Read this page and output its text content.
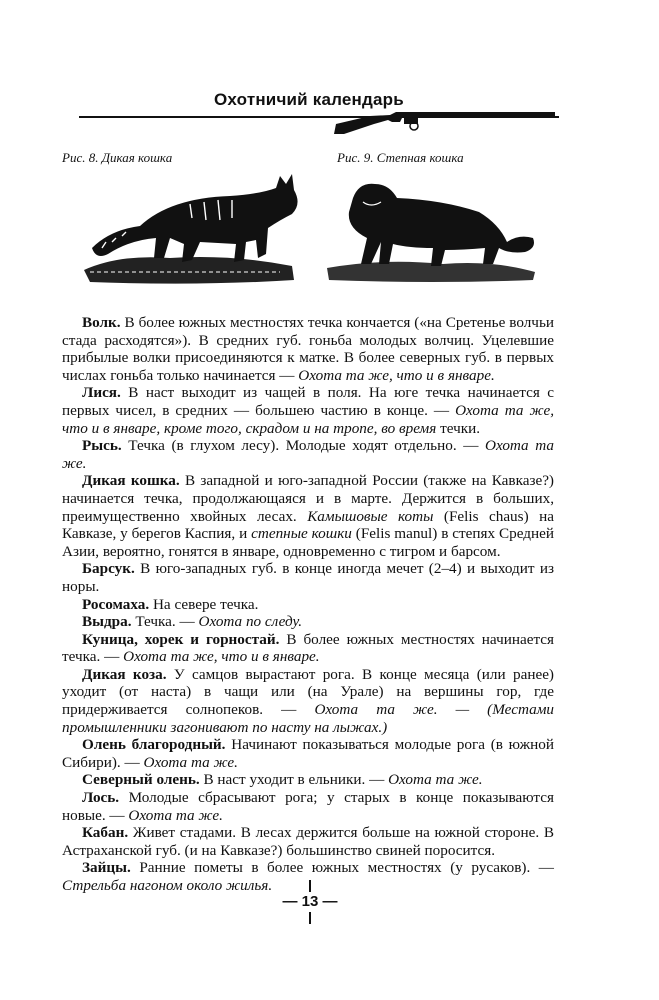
Охотничий календарь
Рис. 8. Дикая кошка	Рис. 9. Степная кошка

Волк. В более южных местностях течка кончается («на Сретенье волчьи стада расходятся»). В средних губ. гоньба молодых волчиц. Уцелевшие прибылые волки присоединяются к матке. В более северных губ. в первых числах гоньба только начинается — Охота та же, что и в январе.

Лися. В наст выходит из чащей в поля. На юге течка начинается с первых чисел, в средних — большею частию в конце. — Охота та же, что и в январе, кроме того, скрадом и на тропе, во время течки.

Рысь. Течка (в глухом лесу). Молодые ходят отдельно. — Охота та же.

Дикая кошка. В западной и юго-западной России (также на Кавказе?) начинается течка, продолжающаяся и в марте. Держится в больших, преимущественно хвойных лесах. Камышовые коты (Felis chaus) на Кавказе, у берегов Каспия, и степные кошки (Felis manul) в степях Средней Азии, вероятно, гонятся в январе, одновременно с тигром и барсом.

Барсук. В юго-западных губ. в конце иногда мечет (2–4) и выходит из норы.

Росомаха. На севере течка.

Выдра. Течка. — Охота по следу.

Куница, хорек и горностай. В более южных местностях начинается течка. — Охота та же, что и в январе.

Дикая коза. У самцов вырастают рога. В конце месяца (или ранее) уходит (от наста) в чащи или (на Урале) на вершины гор, где придерживается солнопеков. — Охота та же. — (Местами промышленники загонивают по насту на лыжах.)

Олень благородный. Начинают показываться молодые рога (в южной Сибири). — Охота та же.

Северный олень. В наст уходит в ельники. — Охота та же.

Лось. Молодые сбрасывают рога; у старых в конце показываются новые. — Охота та же.

Кабан. Живет стадами. В лесах держится больше на южной стороне. В Астраханской губ. (и на Кавказе?) большинство свиней поросится.

Зайцы. Ранние пометы в более южных местностях (у русаков). — Стрельба нагоном около жилья.

— 13 —
